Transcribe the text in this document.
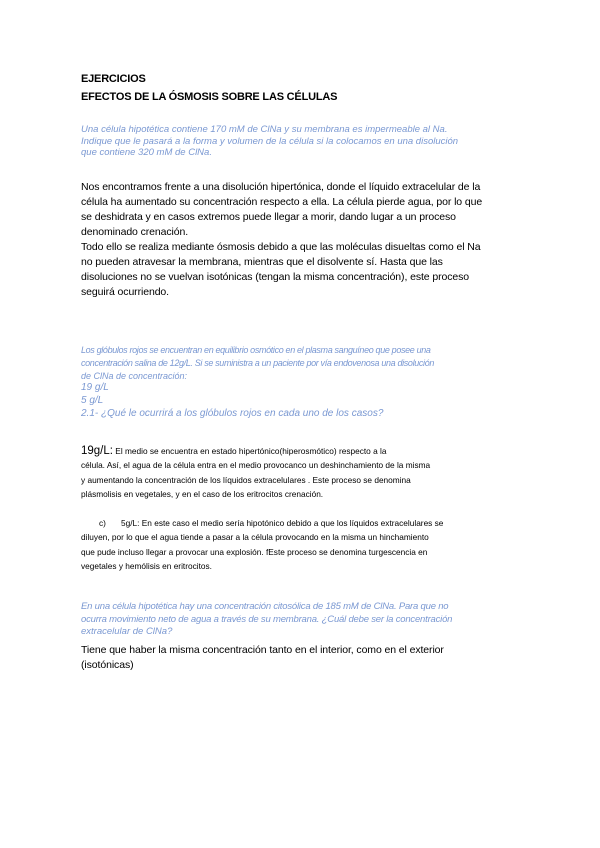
EJERCICIOS
EFECTOS DE LA ÓSMOSIS SOBRE LAS CÉLULAS
Una célula hipotética contiene 170 mM de ClNa y su membrana es impermeable al Na.
Indique que le pasará a la forma y volumen de la célula si la colocamos en una disolución
que contiene 320 mM de ClNa.
Nos encontramos frente a una disolución hipertónica, donde el líquido extracelular de la
célula ha aumentado su concentración respecto a ella. La célula pierde agua, por lo que
se deshidrata y en casos extremos puede llegar a morir, dando lugar a un proceso
denominado crenación.
Todo ello se realiza mediante ósmosis debido a que las moléculas disueltas como el Na
no pueden atravesar la membrana, mientras que el disolvente sí. Hasta que las
disoluciones no se vuelvan isotónicas (tengan la misma concentración), este proceso
seguirá ocurriendo.
Los glóbulos rojos se encuentran en equilibrio osmótico en el plasma sanguíneo que posee una
concentración salina de 12g/L. Si se suministra a un paciente por vía endovenosa una disolución
de ClNa de concentración:
19 g/L
5 g/L
2.1- ¿Qué le ocurrirá a los glóbulos rojos en cada uno de los casos?
19g/L: El medio se encuentra en estado hipertónico(hiperosmótico) respecto a la
célula. Así, el agua de la célula entra en el medio provocanco un deshinchamiento de la misma
y aumentando la concentración de los líquidos extracelulares . Este proceso se denomina
plásmolisis en vegetales, y en el caso de los eritrocitos crenación.
c) 5g/L: En este caso el medio sería hipotónico debido a que los líquidos extracelulares se
diluyen, por lo que el agua tiende a pasar a la célula provocando en la misma un hinchamiento
que pude incluso llegar a provocar una explosión. fEste proceso se denomina turgescencia en
vegetales y hemólisis en eritrocitos.
En una célula hipotética hay una concentración citosólica de 185 mM de ClNa. Para que no
ocurra movimiento neto de agua a través de su membrana. ¿Cuál debe ser la concentración
extracelular de ClNa?
Tiene que haber la misma concentración tanto en el interior, como en el exterior
(isotónicas)
